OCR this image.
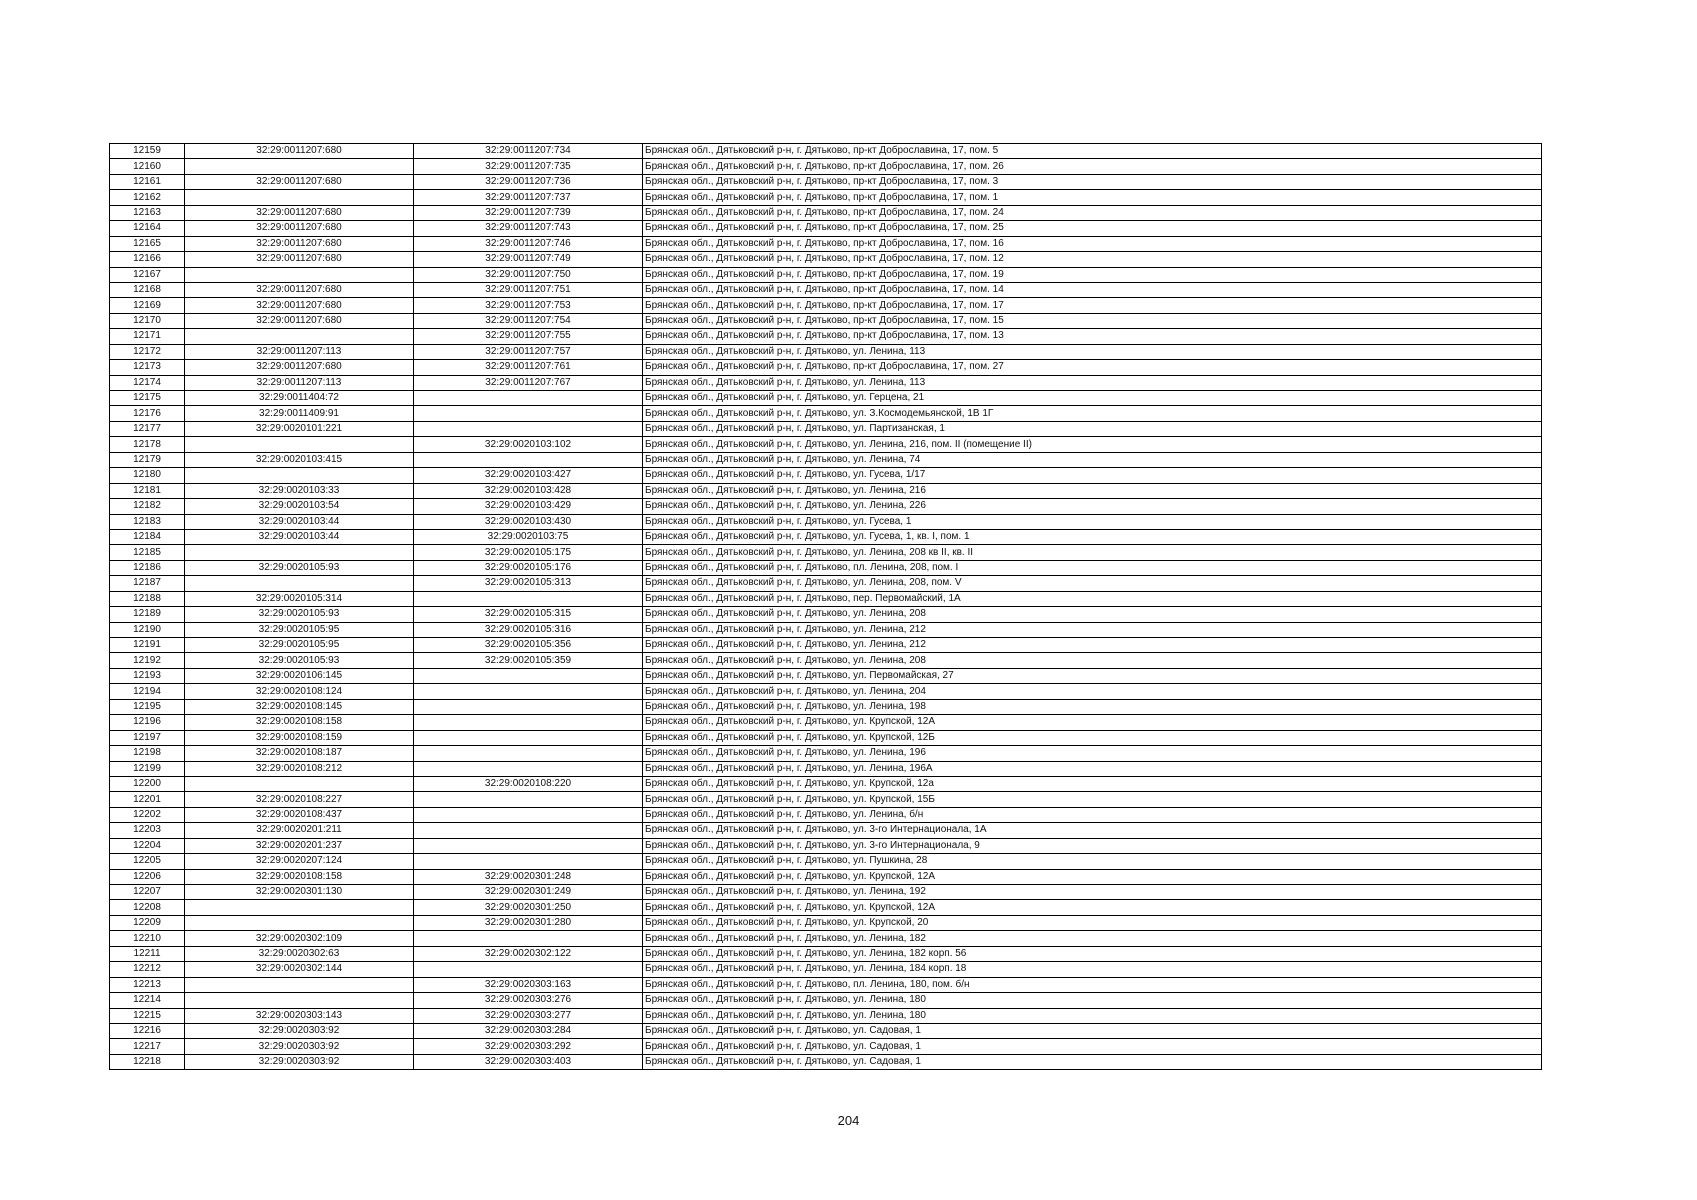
12159	32:29:0011207:680	32:29:0011207:734	Брянская обл., Дятьковский р-н, г. Дятьково, пр-кт Доброславина, 17, пом. 5
12160		32:29:0011207:735	Брянская обл., Дятьковский р-н, г. Дятьково, пр-кт Доброславина, 17, пом. 26
12161	32:29:0011207:680	32:29:0011207:736	Брянская обл., Дятьковский р-н, г. Дятьково, пр-кт Доброславина, 17, пом. 3
12162		32:29:0011207:737	Брянская обл., Дятьковский р-н, г. Дятьково, пр-кт Доброславина, 17, пом. 1
12163	32:29:0011207:680	32:29:0011207:739	Брянская обл., Дятьковский р-н, г. Дятьково, пр-кт Доброславина, 17, пом. 24
12164	32:29:0011207:680	32:29:0011207:743	Брянская обл., Дятьковский р-н, г. Дятьково, пр-кт Доброславина, 17, пом. 25
12165	32:29:0011207:680	32:29:0011207:746	Брянская обл., Дятьковский р-н, г. Дятьково, пр-кт Доброславина, 17, пом. 16
12166	32:29:0011207:680	32:29:0011207:749	Брянская обл., Дятьковский р-н, г. Дятьково, пр-кт Доброславина, 17, пом. 12
12167		32:29:0011207:750	Брянская обл., Дятьковский р-н, г. Дятьково, пр-кт Доброславина, 17, пом. 19
12168	32:29:0011207:680	32:29:0011207:751	Брянская обл., Дятьковский р-н, г. Дятьково, пр-кт Доброславина, 17, пом. 14
12169	32:29:0011207:680	32:29:0011207:753	Брянская обл., Дятьковский р-н, г. Дятьково, пр-кт Доброславина, 17, пом. 17
12170	32:29:0011207:680	32:29:0011207:754	Брянская обл., Дятьковский р-н, г. Дятьково, пр-кт Доброславина, 17, пом. 15
12171		32:29:0011207:755	Брянская обл., Дятьковский р-н, г. Дятьково, пр-кт Доброславина, 17, пом. 13
12172	32:29:0011207:113	32:29:0011207:757	Брянская обл., Дятьковский р-н, г. Дятьково, ул. Ленина, 113
12173	32:29:0011207:680	32:29:0011207:761	Брянская обл., Дятьковский р-н, г. Дятьково, пр-кт Доброславина, 17, пом. 27
12174	32:29:0011207:113	32:29:0011207:767	Брянская обл., Дятьковский р-н, г. Дятьково, ул. Ленина, 113
12175	32:29:0011404:72		Брянская обл., Дятьковский р-н, г. Дятьково, ул. Герцена, 21
12176	32:29:0011409:91		Брянская обл., Дятьковский р-н, г. Дятьково, ул. З.Космодемьянской, 1В 1Г
12177	32:29:0020101:221		Брянская обл., Дятьковский р-н, г. Дятьково, ул. Партизанская, 1
12178		32:29:0020103:102	Брянская обл., Дятьковский р-н, г. Дятьково, ул. Ленина, 216, пом. II (помещение II)
12179	32:29:0020103:415		Брянская обл., Дятьковский р-н, г. Дятьково, ул. Ленина, 74
12180		32:29:0020103:427	Брянская обл., Дятьковский р-н, г. Дятьково, ул. Гусева, 1/17
12181	32:29:0020103:33	32:29:0020103:428	Брянская обл., Дятьковский р-н, г. Дятьково, ул. Ленина, 216
12182	32:29:0020103:54	32:29:0020103:429	Брянская обл., Дятьковский р-н, г. Дятьково, ул. Ленина, 226
12183	32:29:0020103:44	32:29:0020103:430	Брянская обл., Дятьковский р-н, г. Дятьково, ул. Гусева, 1
12184	32:29:0020103:44	32:29:0020103:75	Брянская обл., Дятьковский р-н, г. Дятьково, ул. Гусева, 1, кв. I, пом. 1
12185		32:29:0020105:175	Брянская обл., Дятьковский р-н, г. Дятьково, ул. Ленина, 208 кв II, кв. II
12186	32:29:0020105:93	32:29:0020105:176	Брянская обл., Дятьковский р-н, г. Дятьково, пл. Ленина, 208, пом. I
12187		32:29:0020105:313	Брянская обл., Дятьковский р-н, г. Дятьково, ул. Ленина, 208, пом. V
12188	32:29:0020105:314		Брянская обл., Дятьковский р-н, г. Дятьково, пер. Первомайский, 1А
12189	32:29:0020105:93	32:29:0020105:315	Брянская обл., Дятьковский р-н, г. Дятьково, ул. Ленина, 208
12190	32:29:0020105:95	32:29:0020105:316	Брянская обл., Дятьковский р-н, г. Дятьково, ул. Ленина, 212
12191	32:29:0020105:95	32:29:0020105:356	Брянская обл., Дятьковский р-н, г. Дятьково, ул. Ленина, 212
12192	32:29:0020105:93	32:29:0020105:359	Брянская обл., Дятьковский р-н, г. Дятьково, ул. Ленина, 208
12193	32:29:0020106:145		Брянская обл., Дятьковский р-н, г. Дятьково, ул. Первомайская, 27
12194	32:29:0020108:124		Брянская обл., Дятьковский р-н, г. Дятьково, ул. Ленина, 204
12195	32:29:0020108:145		Брянская обл., Дятьковский р-н, г. Дятьково, ул. Ленина, 198
12196	32:29:0020108:158		Брянская обл., Дятьковский р-н, г. Дятьково, ул. Крупской, 12А
12197	32:29:0020108:159		Брянская обл., Дятьковский р-н, г. Дятьково, ул. Крупской, 12Б
12198	32:29:0020108:187		Брянская обл., Дятьковский р-н, г. Дятьково, ул. Ленина, 196
12199	32:29:0020108:212		Брянская обл., Дятьковский р-н, г. Дятьково, ул. Ленина, 196А
12200		32:29:0020108:220	Брянская обл., Дятьковский р-н, г. Дятьково, ул. Крупской, 12а
12201	32:29:0020108:227		Брянская обл., Дятьковский р-н, г. Дятьково, ул. Крупской, 15Б
12202	32:29:0020108:437		Брянская обл., Дятьковский р-н, г. Дятьково, ул. Ленина, б/н
12203	32:29:0020201:211		Брянская обл., Дятьковский р-н, г. Дятьково, ул. 3-го Интернационала, 1А
12204	32:29:0020201:237		Брянская обл., Дятьковский р-н, г. Дятьково, ул. 3-го Интернационала, 9
12205	32:29:0020207:124		Брянская обл., Дятьковский р-н, г. Дятьково, ул. Пушкина, 28
12206	32:29:0020108:158	32:29:0020301:248	Брянская обл., Дятьковский р-н, г. Дятьково, ул. Крупской, 12А
12207	32:29:0020301:130	32:29:0020301:249	Брянская обл., Дятьковский р-н, г. Дятьково, ул. Ленина, 192
12208		32:29:0020301:250	Брянская обл., Дятьковский р-н, г. Дятьково, ул. Крупской, 12А
12209		32:29:0020301:280	Брянская обл., Дятьковский р-н, г. Дятьково, ул. Крупской, 20
12210	32:29:0020302:109		Брянская обл., Дятьковский р-н, г. Дятьково, ул. Ленина, 182
12211	32:29:0020302:63	32:29:0020302:122	Брянская обл., Дятьковский р-н, г. Дятьково, ул. Ленина, 182 корп. 56
12212	32:29:0020302:144		Брянская обл., Дятьковский р-н, г. Дятьково, ул. Ленина, 184 корп. 18
12213		32:29:0020303:163	Брянская обл., Дятьковский р-н, г. Дятьково, пл. Ленина, 180, пом. б/н
12214		32:29:0020303:276	Брянская обл., Дятьковский р-н, г. Дятьково, ул. Ленина, 180
12215	32:29:0020303:143	32:29:0020303:277	Брянская обл., Дятьковский р-н, г. Дятьково, ул. Ленина, 180
12216	32:29:0020303:92	32:29:0020303:284	Брянская обл., Дятьковский р-н, г. Дятьково, ул. Садовая, 1
12217	32:29:0020303:92	32:29:0020303:292	Брянская обл., Дятьковский р-н, г. Дятьково, ул. Садовая, 1
12218	32:29:0020303:92	32:29:0020303:403	Брянская обл., Дятьковский р-н, г. Дятьково, ул. Садовая, 1
204
